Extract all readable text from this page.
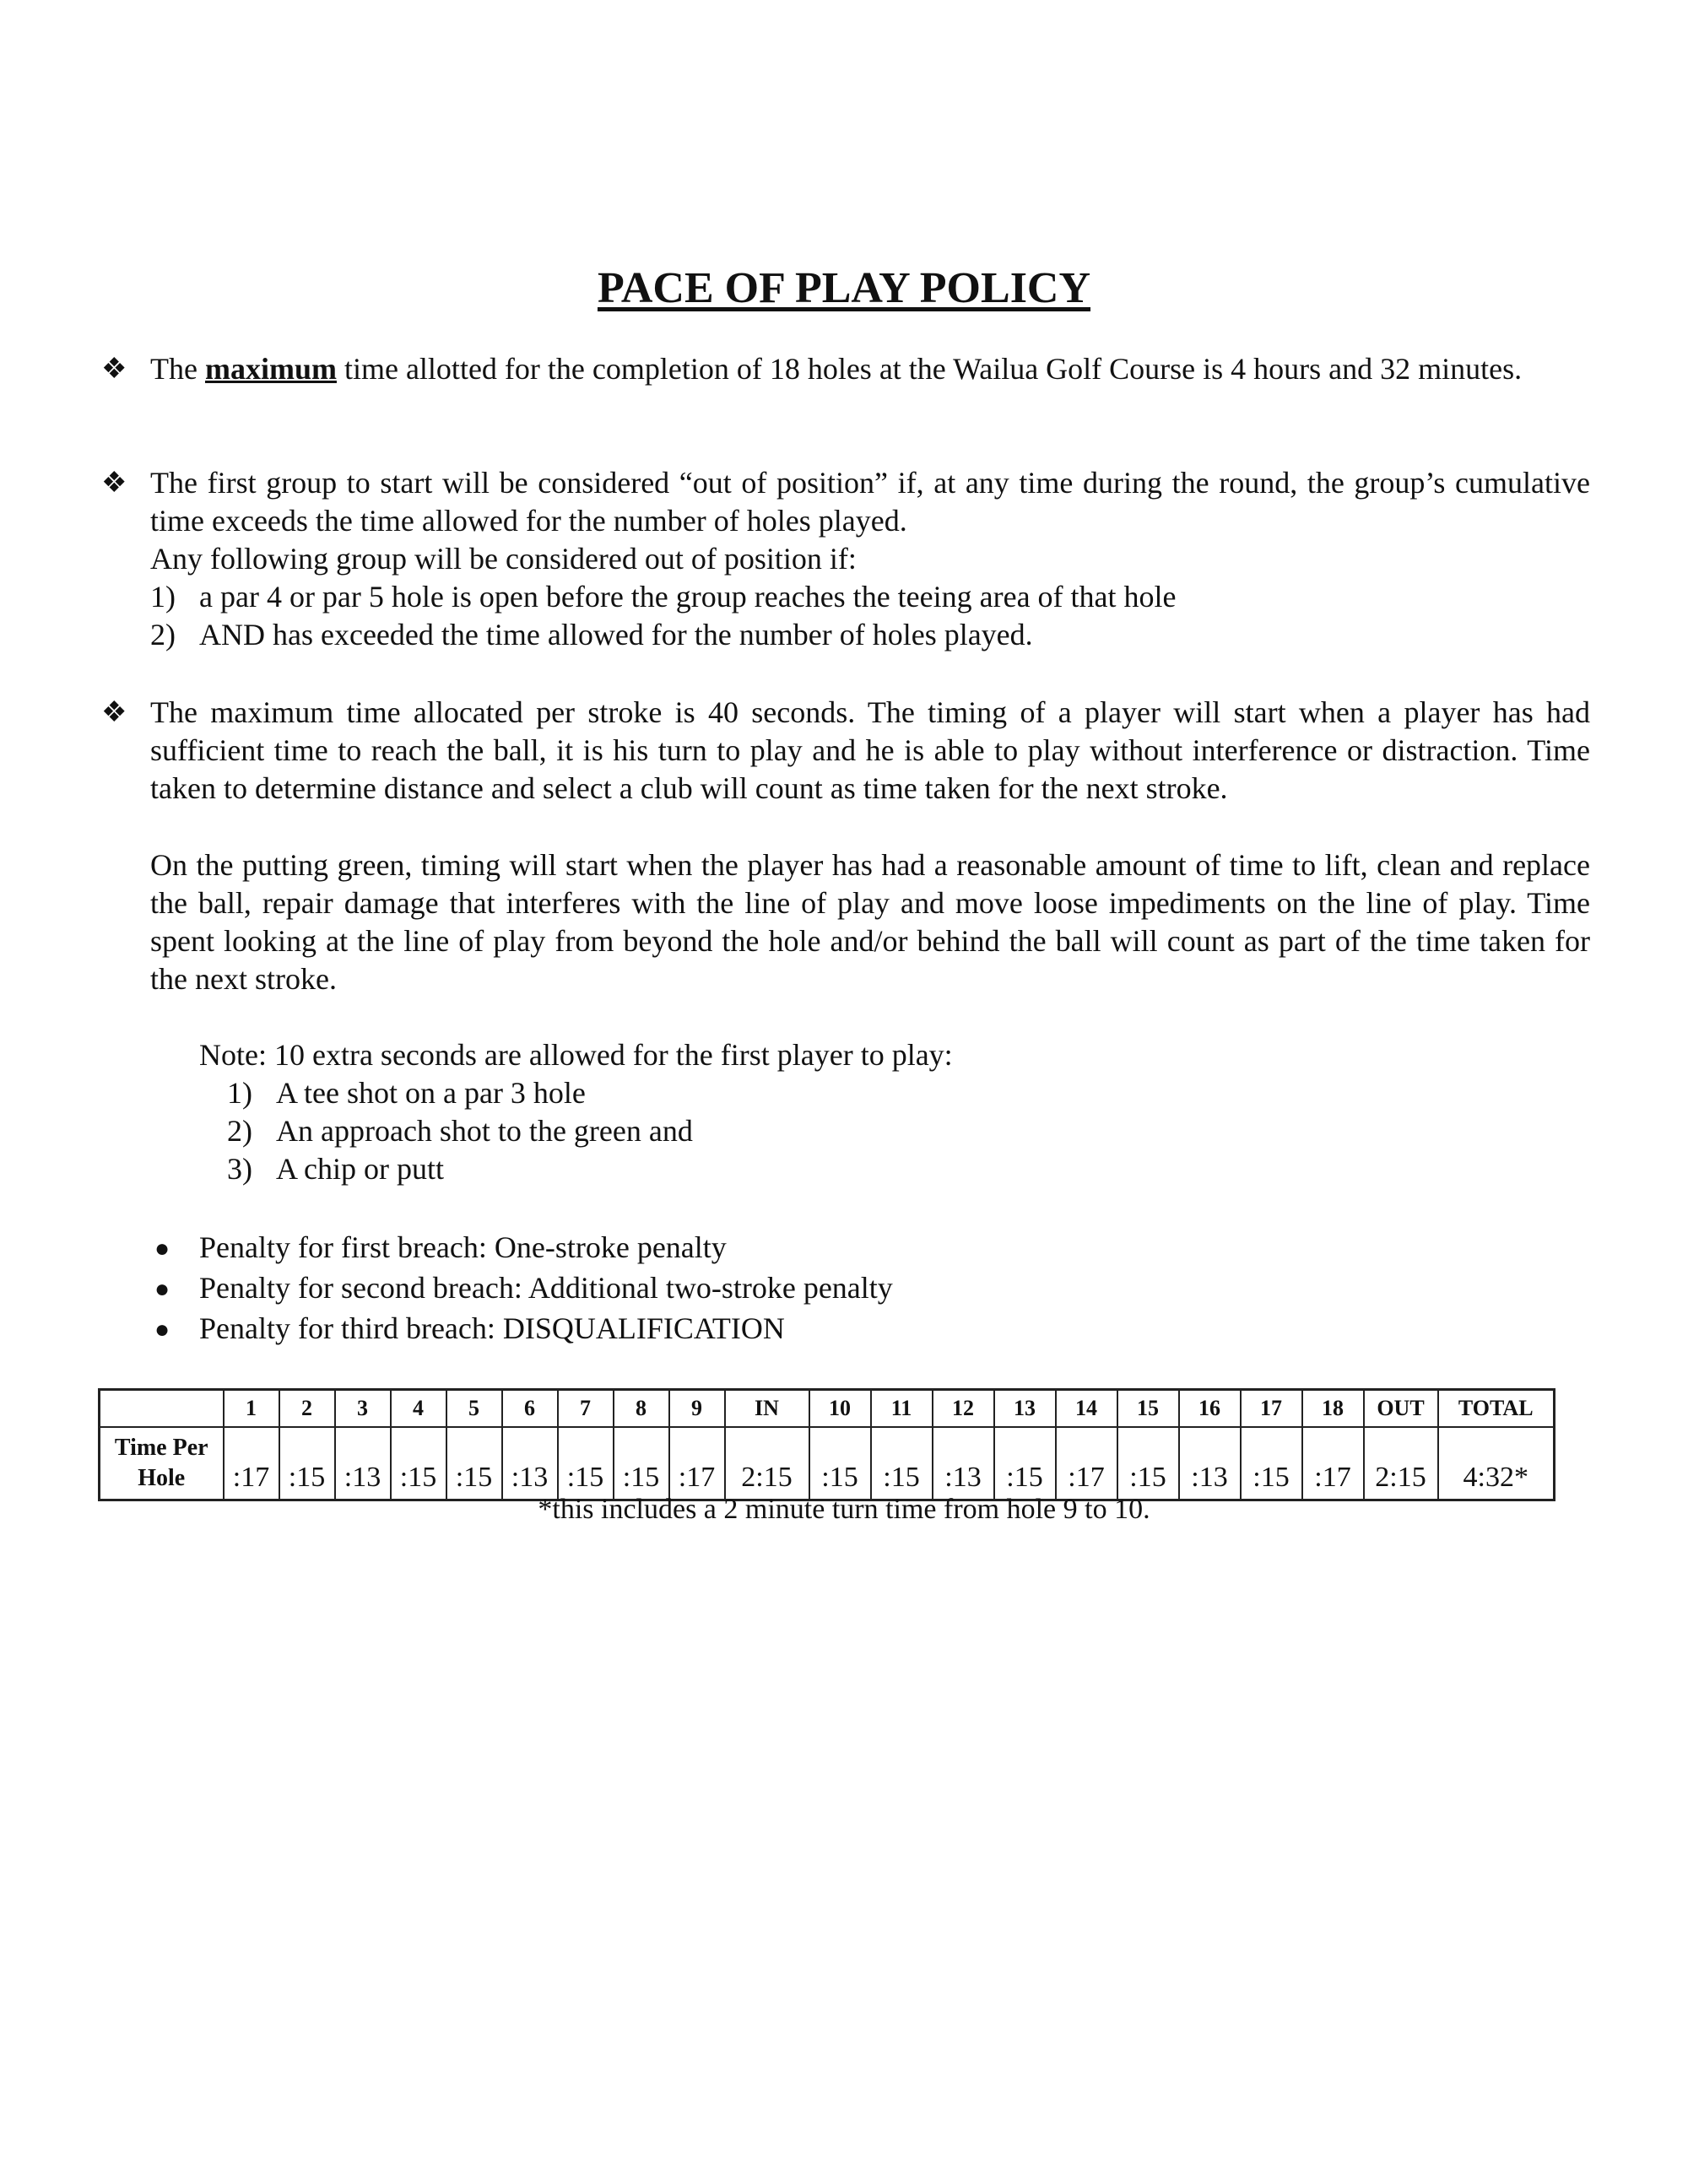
PACE OF PLAY POLICY
❖ The maximum time allotted for the completion of 18 holes at the Wailua Golf Course is 4 hours and 32 minutes.
❖ The first group to start will be considered “out of position” if, at any time during the round, the group’s cumulative time exceeds the time allowed for the number of holes played.
Any following group will be considered out of position if:
1) a par 4 or par 5 hole is open before the group reaches the teeing area of that hole
2) AND has exceeded the time allowed for the number of holes played.
❖ The maximum time allocated per stroke is 40 seconds. The timing of a player will start when a player has had sufficient time to reach the ball, it is his turn to play and he is able to play without interference or distraction. Time taken to determine distance and select a club will count as time taken for the next stroke.
On the putting green, timing will start when the player has had a reasonable amount of time to lift, clean and replace the ball, repair damage that interferes with the line of play and move loose impediments on the line of play. Time spent looking at the line of play from beyond the hole and/or behind the ball will count as part of the time taken for the next stroke.
Note: 10 extra seconds are allowed for the first player to play:
1) A tee shot on a par 3 hole
2) An approach shot to the green and
3) A chip or putt
● Penalty for first breach: One-stroke penalty
● Penalty for second breach: Additional two-stroke penalty
● Penalty for third breach: DISQUALIFICATION
	1	2	3	4	5	6	7	8	9	IN	10	11	12	13	14	15	16	17	18	OUT	TOTAL
Time Per
Hole	:17	:15	:13	:15	:15	:13	:15	:15	:17	2:15	:15	:15	:13	:15	:17	:15	:13	:15	:17	2:15	4:32*
*this includes a 2 minute turn time from hole 9 to 10.
